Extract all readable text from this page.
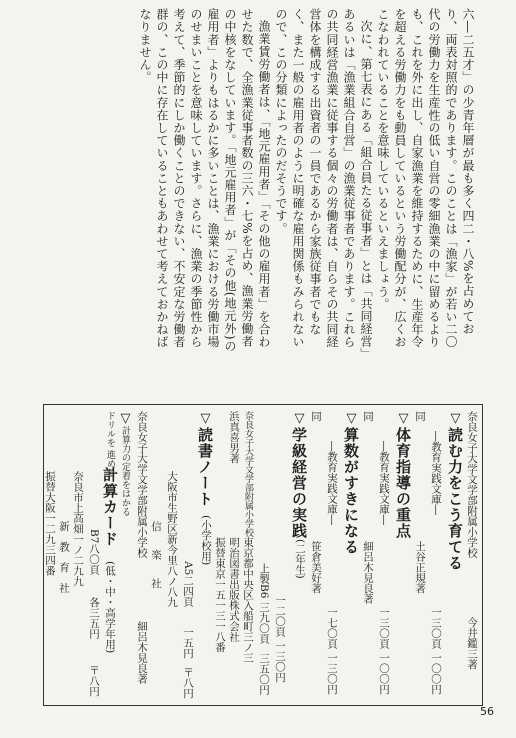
六―二五才」の少青年層が最も多く四二・八%を占めており、両表対照的であります。このことは「漁家」が若い二〇代の労働力を生産性の低い自営の零細漁業の中に留めるよりも、これを外に出し、自家漁業を維持するために、生産年令を超える労働力をも動員しているという労働配分が、広くおこなわれていることを意味しているといえましょう。

次に、第七表にある「組合員たる従事者」とは「共同経営」あるいは「漁業組合自営」の漁業従事者であります。これらの共同経営漁業に従事する個々の労働者は、自らその共同経営体を構成する出資者の一員であるから家族従事者でもなく、また一般の雇用者のように明確な雇用関係もみられないので、この分類によったのだそうです。

漁業賃労働者は、「地元雇用者」「その他の雇用者」を合わせた数で、全漁業従事者数の三六・七%を占め、漁業労働者の中核をなしています。「地元雇用者」が「その他(地元外)の雇用者」よりもはるかに多いことは、漁業における労働市場のせまいことを意味しています。さらに、漁業の季節性から考えて、季節的にしか働くことのできない、不安定な労働者群の、この中に存在していることもあわせて考えておかねばなりません。

奈良女子大学文学部附属小学校
今井鑑三著
▽読む力をこう育てる
―教育実践文庫―
一三〇頁 一〇〇円
同
土谷正規著
▽体育指導の重点
―教育実践文庫―
一三〇頁 一〇〇円
同
細呂木見良著
▽算数がすきになる
―教育実践文庫―
一七〇頁 一三〇円
同
笹倉美好著
▽学級経営の実践
(二年生)
一二〇頁 一三〇円
上製B6 三九〇頁
三五〇円
東京都中央区入船町三ノ三
明治図書出版株式会社
振替東京一五一三一八番
奈良女子大学文学部附属小学校
▽読書ノート
(小学校用)
A5二四頁
一五円
〒八円
浜真喜男著
大阪市生野区新今里八ノ八九
信楽社
奈良女子大学文学部附属小学校
細呂木見良著
▽計算力の定着をはかる
ドリルを 進める
計算カード
(低・中・高学年用)
B7八〇頁
各三五円
〒八円
奈良市上高畑一ノ二九九
新教育社
振替大阪一二九三四番
56
